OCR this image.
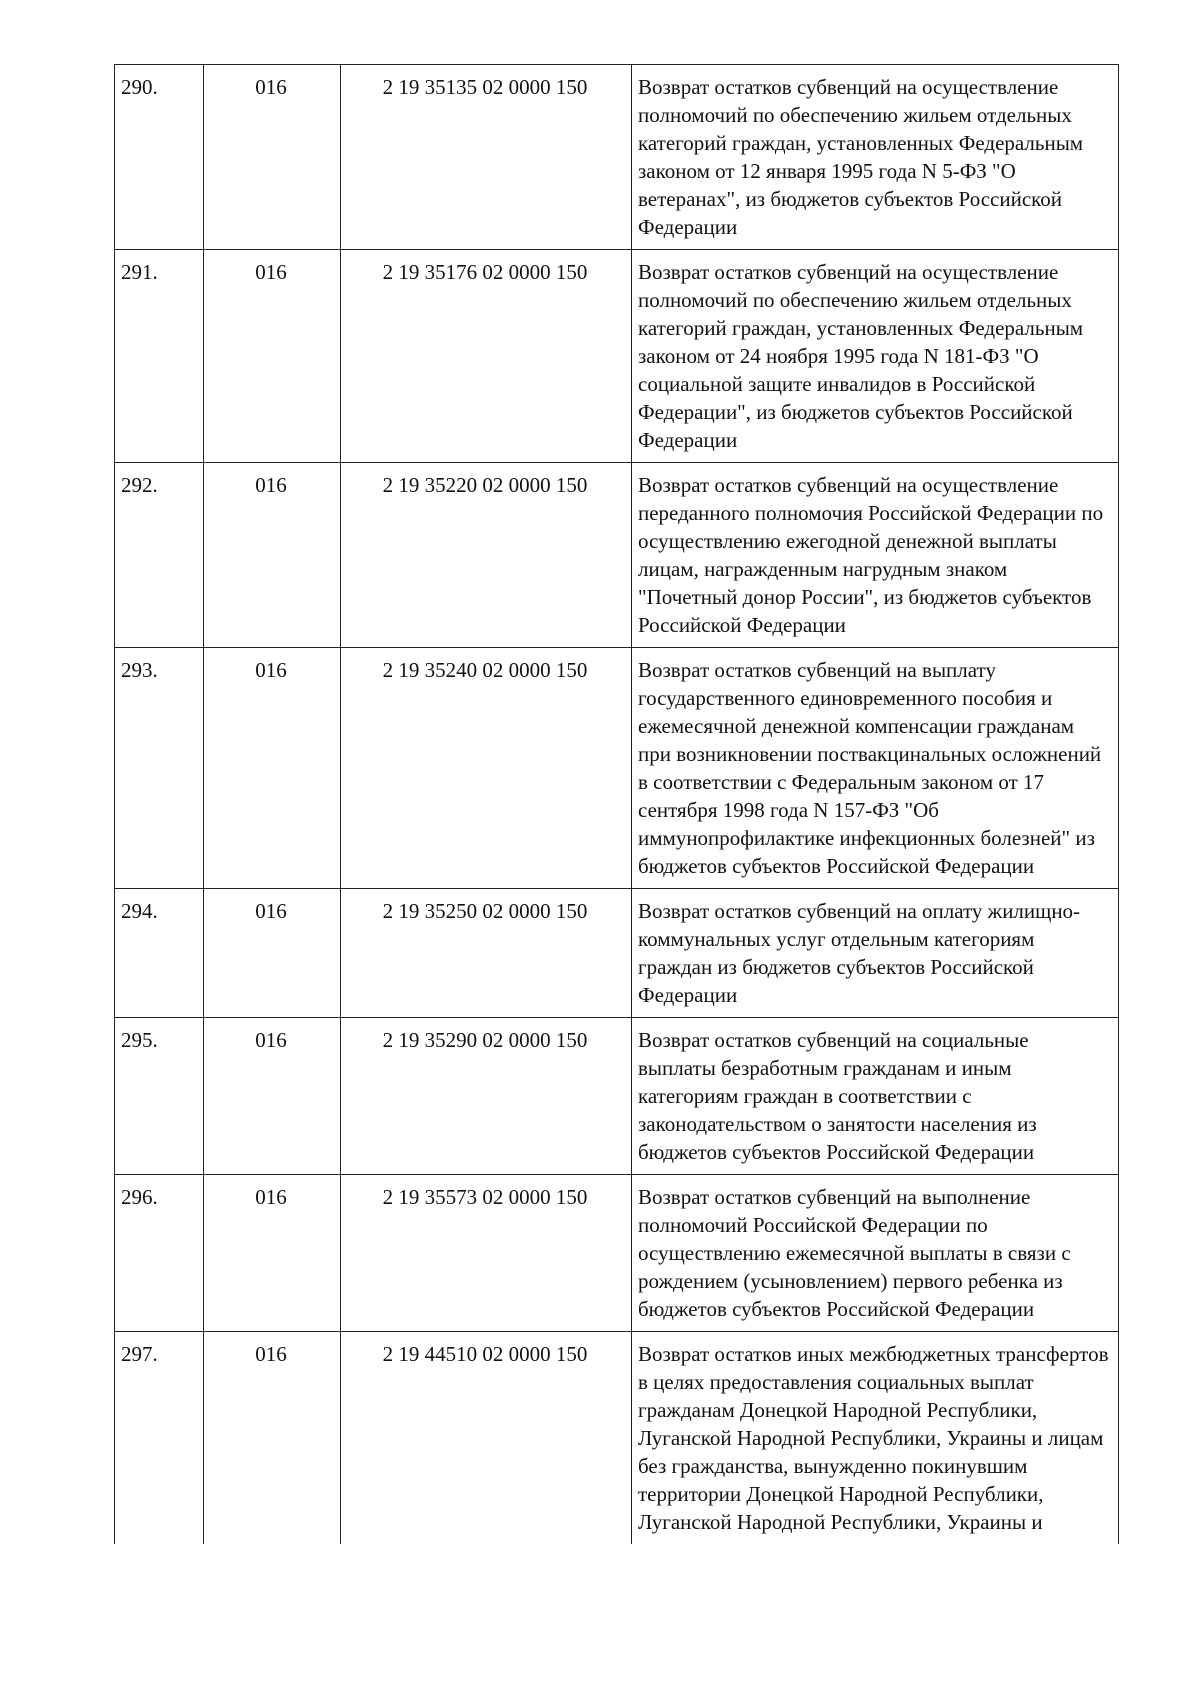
290.	016	2 19 35135 02 0000 150	Возврат остатков субвенций на осуществление полномочий по обеспечению жильем отдельных категорий граждан, установленных Федеральным законом от 12 января 1995 года N 5-ФЗ "О ветеранах", из бюджетов субъектов Российской Федерации
291.	016	2 19 35176 02 0000 150	Возврат остатков субвенций на осуществление полномочий по обеспечению жильем отдельных категорий граждан, установленных Федеральным законом от 24 ноября 1995 года N 181-ФЗ "О социальной защите инвалидов в Российской Федерации", из бюджетов субъектов Российской Федерации
292.	016	2 19 35220 02 0000 150	Возврат остатков субвенций на осуществление переданного полномочия Российской Федерации по осуществлению ежегодной денежной выплаты лицам, награжденным нагрудным знаком "Почетный донор России", из бюджетов субъектов Российской Федерации
293.	016	2 19 35240 02 0000 150	Возврат остатков субвенций на выплату государственного единовременного пособия и ежемесячной денежной компенсации гражданам при возникновении поствакцинальных осложнений в соответствии с Федеральным законом от 17 сентября 1998 года N 157-ФЗ "Об иммунопрофилактике инфекционных болезней" из бюджетов субъектов Российской Федерации
294.	016	2 19 35250 02 0000 150	Возврат остатков субвенций на оплату жилищно-коммунальных услуг отдельным категориям граждан из бюджетов субъектов Российской Федерации
295.	016	2 19 35290 02 0000 150	Возврат остатков субвенций на социальные выплаты безработным гражданам и иным категориям граждан в соответствии с законодательством о занятости населения из бюджетов субъектов Российской Федерации
296.	016	2 19 35573 02 0000 150	Возврат остатков субвенций на выполнение полномочий Российской Федерации по осуществлению ежемесячной выплаты в связи с рождением (усыновлением) первого ребенка из бюджетов субъектов Российской Федерации
297.	016	2 19 44510 02 0000 150	Возврат остатков иных межбюджетных трансфертов в целях предоставления социальных выплат гражданам Донецкой Народной Республики, Луганской Народной Республики, Украины и лицам без гражданства, вынужденно покинувшим территории Донецкой Народной Республики, Луганской Народной Республики, Украины и
